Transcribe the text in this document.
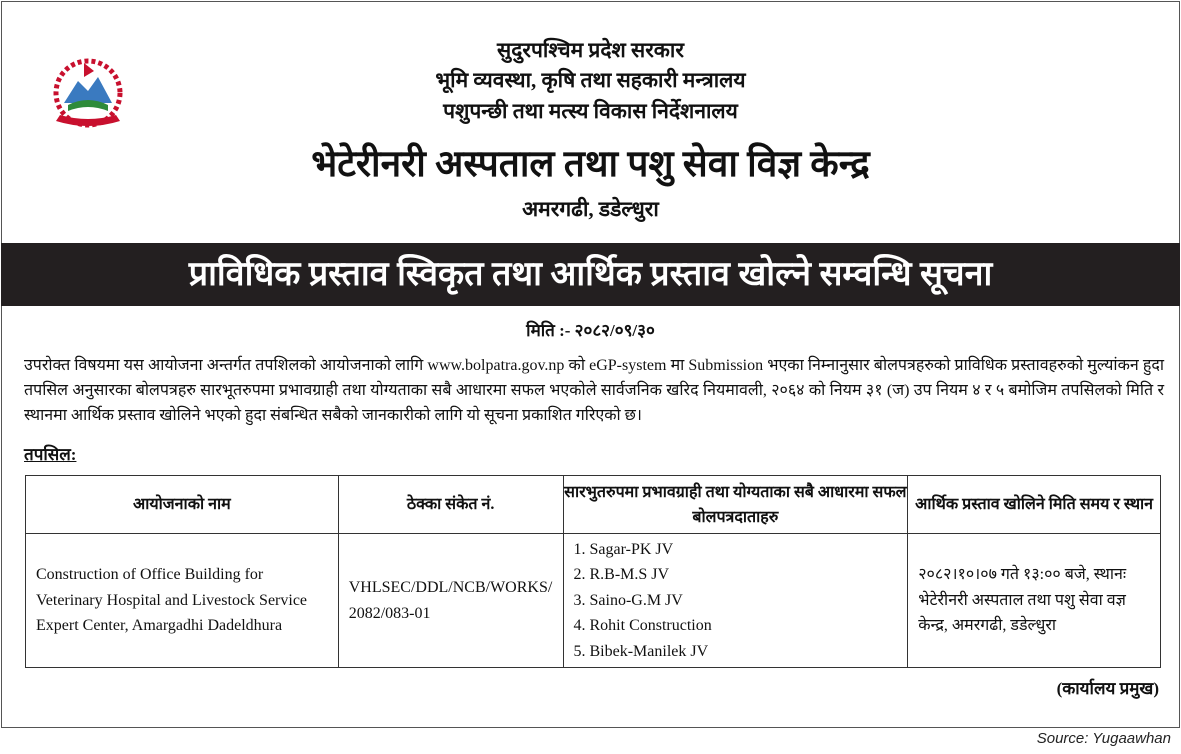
सुदुरपश्चिम प्रदेश सरकार
भूमि व्यवस्था, कृषि तथा सहकारी मन्त्रालय
पशुपन्छी तथा मत्स्य विकास निर्देशनालय
भेटेरीनरी अस्पताल तथा पशु सेवा विज्ञ केन्द्र
अमरगढी, डडेल्धुरा
प्राविधिक प्रस्ताव स्विकृत तथा आर्थिक प्रस्ताव खोल्ने सम्वन्धि सूचना
मिति :- २०८२/०९/३०
उपरोक्त विषयमा यस आयोजना अन्तर्गत तपशिलको आयोजनाको लागि www.bolpatra.gov.np को eGP-system मा Submission भएका निम्नानुसार बोलपत्रहरुको प्राविधिक प्रस्तावहरुको मुल्यांकन हुदा तपसिल अनुसारका बोलपत्रहरु सारभूतरुपमा प्रभावग्राही तथा योग्यताका सबै आधारमा सफल भएकोले सार्वजनिक खरिद नियमावली, २०६४ को नियम ३१ (ज) उप नियम ४ र ५ बमोजिम तपसिलको मिति र स्थानमा आर्थिक प्रस्ताव खोलिने भएको हुदा संबन्धित सबैको जानकारीको लागि यो सूचना प्रकाशित गरिएको छ।
तपसिल:
आयोजनाको नाम	ठेक्का संकेत नं.	सारभुतरुपमा प्रभावग्राही तथा योग्यताका सबै आधारमा सफल बोलपत्रदाताहरु	आर्थिक प्रस्ताव खोलिने मिति समय र स्थान
Construction of Office Building for Veterinary Hospital and Livestock Service Expert Center, Amargadhi Dadeldhura	VHLSEC/DDL/NCB/WORKS/2082/083-01	1. Sagar-PK JV
2. R.B-M.S JV
3. Saino-G.M JV
4. Rohit Construction
5. Bibek-Manilek JV	२०८२।१०।०७ गते १३:०० बजे, स्थानः भेटेरीनरी अस्पताल तथा पशु सेवा वज्ञ केन्द्र, अमरगढी, डडेल्धुरा
(कार्यालय प्रमुख)
Source: Yugaawhan
